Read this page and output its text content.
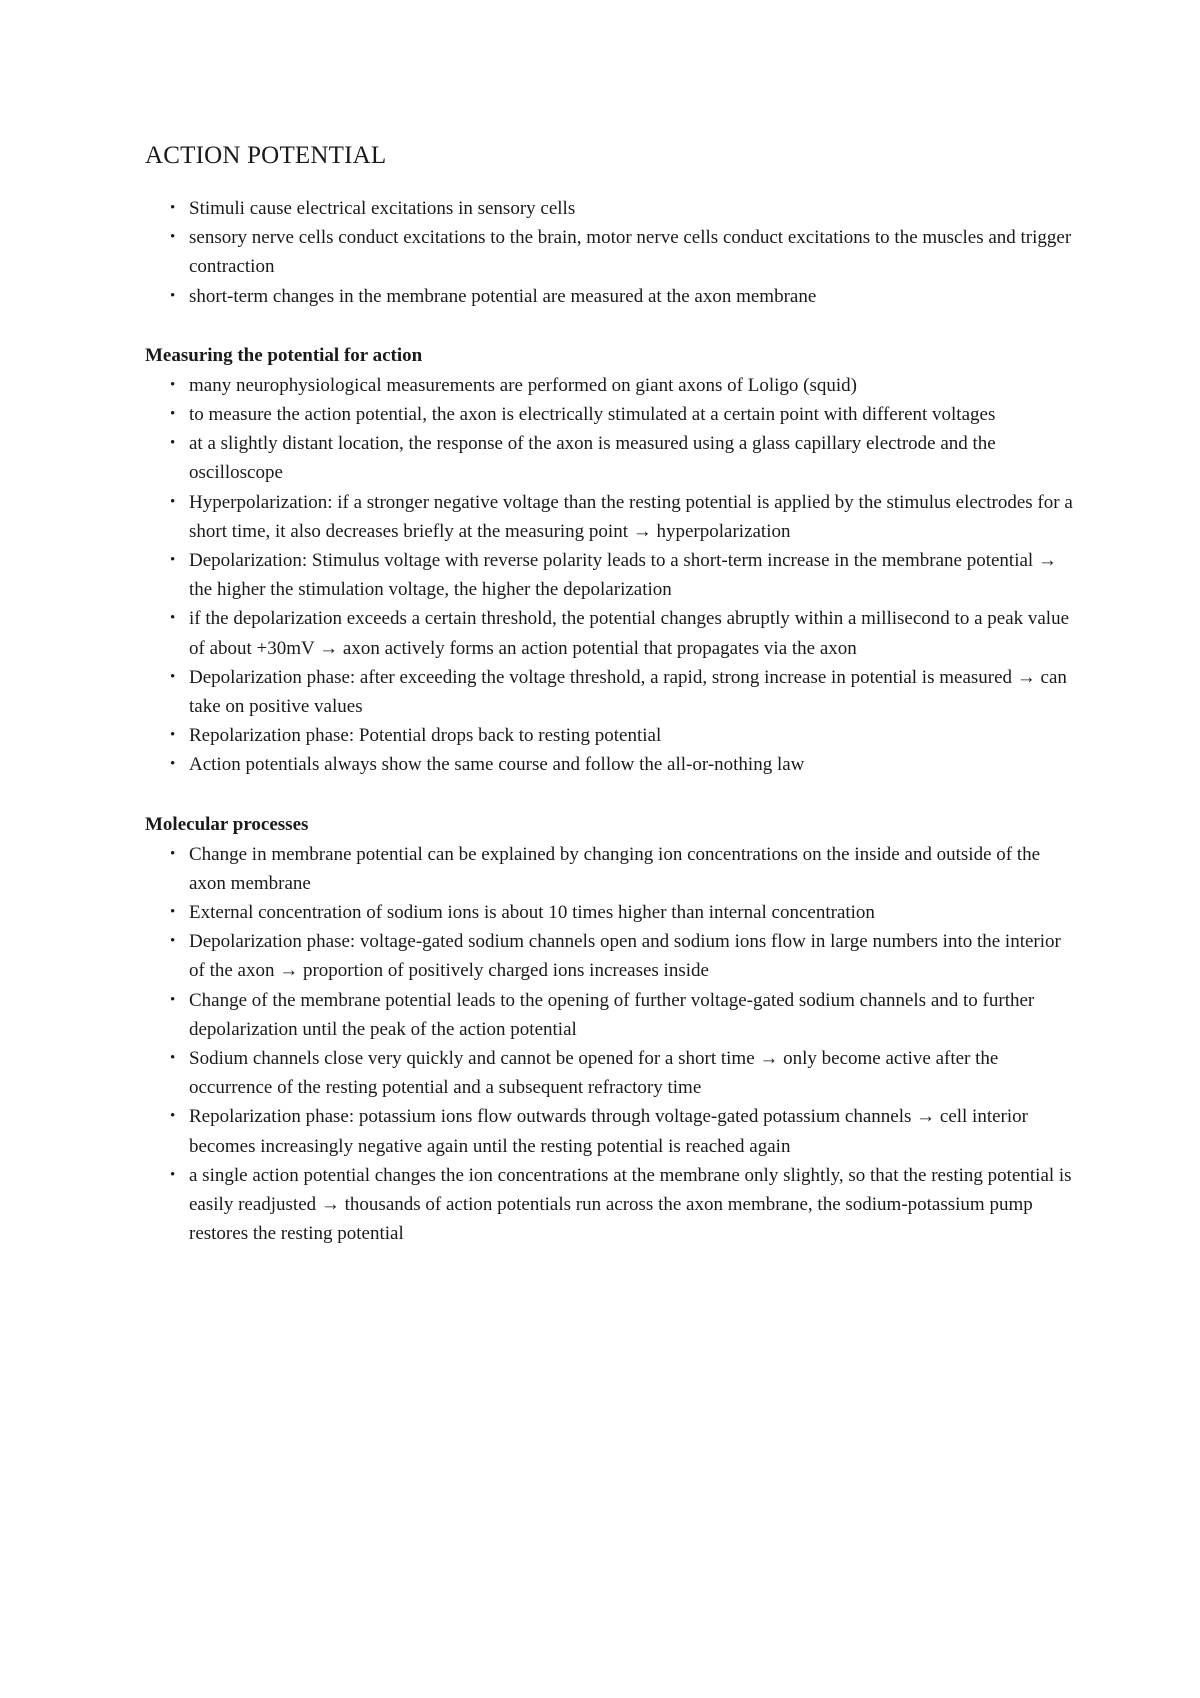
ACTION POTENTIAL
• Stimuli cause electrical excitations in sensory cells
• sensory nerve cells conduct excitations to the brain, motor nerve cells conduct excitations to the muscles and trigger contraction
• short-term changes in the membrane potential are measured at the axon membrane
Measuring the potential for action
• many neurophysiological measurements are performed on giant axons of Loligo (squid)
• to measure the action potential, the axon is electrically stimulated at a certain point with different voltages
• at a slightly distant location, the response of the axon is measured using a glass capillary electrode and the oscilloscope
• Hyperpolarization: if a stronger negative voltage than the resting potential is applied by the stimulus electrodes for a short time, it also decreases briefly at the measuring point → hyperpolarization
• Depolarization: Stimulus voltage with reverse polarity leads to a short-term increase in the membrane potential → the higher the stimulation voltage, the higher the depolarization
• if the depolarization exceeds a certain threshold, the potential changes abruptly within a millisecond to a peak value of about +30mV → axon actively forms an action potential that propagates via the axon
• Depolarization phase: after exceeding the voltage threshold, a rapid, strong increase in potential is measured → can take on positive values
• Repolarization phase: Potential drops back to resting potential
• Action potentials always show the same course and follow the all-or-nothing law
Molecular processes
• Change in membrane potential can be explained by changing ion concentrations on the inside and outside of the axon membrane
• External concentration of sodium ions is about 10 times higher than internal concentration
• Depolarization phase: voltage-gated sodium channels open and sodium ions flow in large numbers into the interior of the axon → proportion of positively charged ions increases inside
• Change of the membrane potential leads to the opening of further voltage-gated sodium channels and to further depolarization until the peak of the action potential
• Sodium channels close very quickly and cannot be opened for a short time → only become active after the occurrence of the resting potential and a subsequent refractory time
• Repolarization phase: potassium ions flow outwards through voltage-gated potassium channels → cell interior becomes increasingly negative again until the resting potential is reached again
• a single action potential changes the ion concentrations at the membrane only slightly, so that the resting potential is easily readjusted → thousands of action potentials run across the axon membrane, the sodium-potassium pump restores the resting potential
